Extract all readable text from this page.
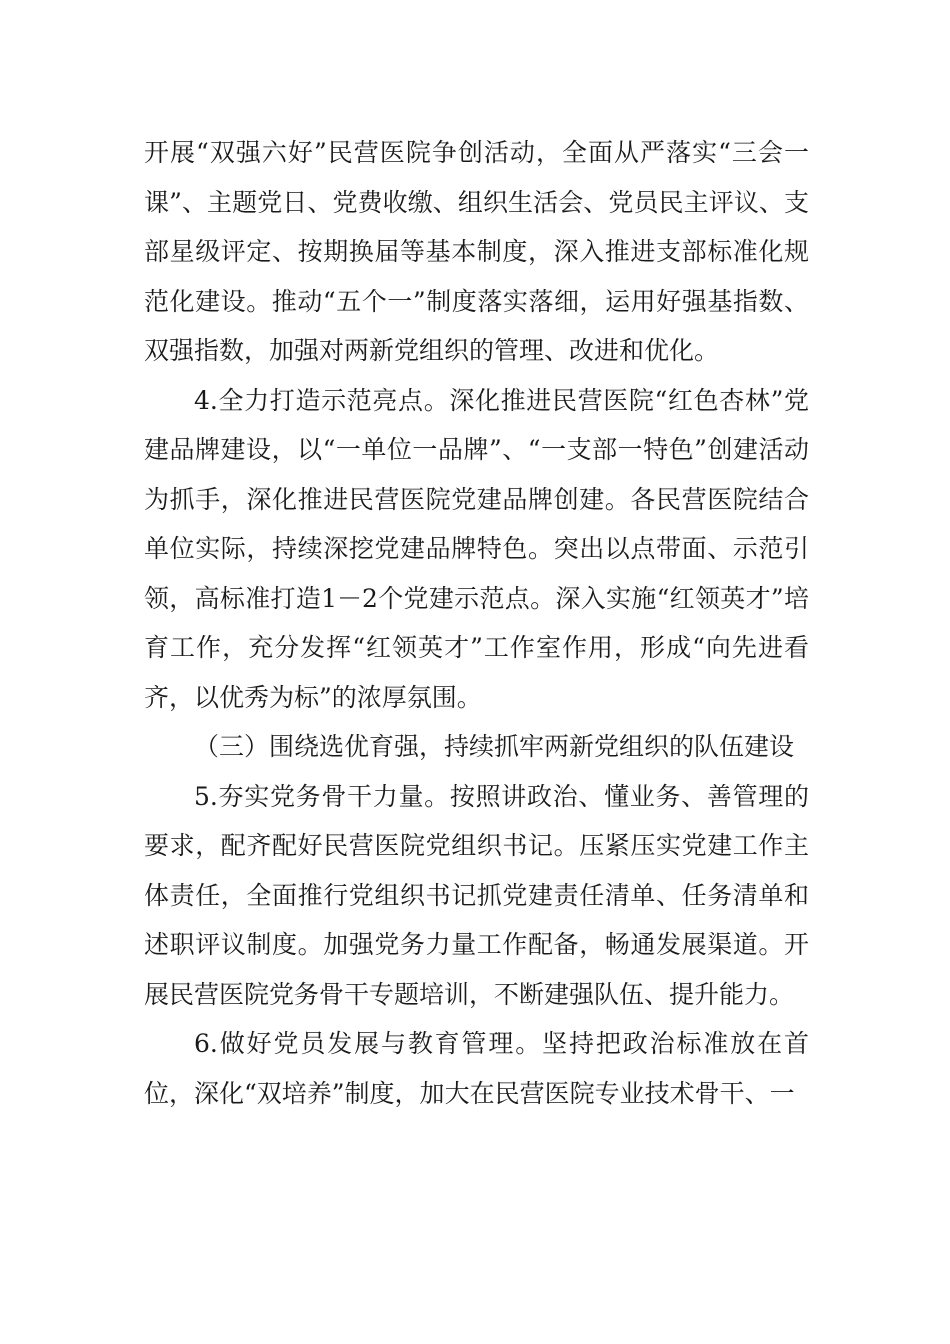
开展“双强六好”民营医院争创活动，全面从严落实“三会一课”、主题党日、党费收缴、组织生活会、党员民主评议、支部星级评定、按期换届等基本制度，深入推进支部标准化规范化建设。推动“五个一”制度落实落细，运用好强基指数、双强指数，加强对两新党组织的管理、改进和优化。

4.全力打造示范亮点。深化推进民营医院“红色杏林”党建品牌建设，以“一单位一品牌”、“一支部一特色”创建活动为抓手，深化推进民营医院党建品牌创建。各民营医院结合单位实际，持续深挖党建品牌特色。突出以点带面、示范引领，高标准打造1－2个党建示范点。深入实施“红领英才”培育工作，充分发挥“红领英才”工作室作用，形成“向先进看齐，以优秀为标”的浓厚氛围。

（三）围绕选优育强，持续抓牢两新党组织的队伍建设

5.夯实党务骨干力量。按照讲政治、懂业务、善管理的要求，配齐配好民营医院党组织书记。压紧压实党建工作主体责任，全面推行党组织书记抓党建责任清单、任务清单和述职评议制度。加强党务力量工作配备，畅通发展渠道。开展民营医院党务骨干专题培训，不断建强队伍、提升能力。

6.做好党员发展与教育管理。坚持把政治标准放在首位，深化“双培养”制度，加大在民营医院专业技术骨干、一
